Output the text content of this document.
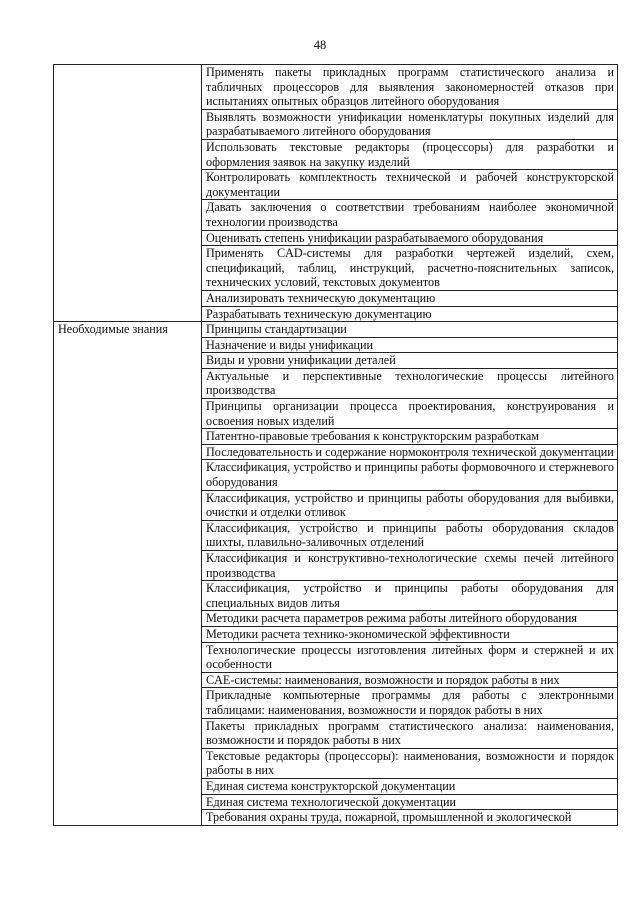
48
	Применять пакеты прикладных программ статистического анализа и табличных процессоров для выявления закономерностей отказов при испытаниях опытных образцов литейного оборудования
	Выявлять возможности унификации номенклатуры покупных изделий для разрабатываемого литейного оборудования
	Использовать текстовые редакторы (процессоры) для разработки и оформления заявок на закупку изделий
	Контролировать комплектность технической и рабочей конструкторской документации
	Давать заключения о соответствии требованиям наиболее экономичной технологии производства
	Оценивать степень унификации разрабатываемого оборудования
	Применять CAD-системы для разработки чертежей изделий, схем, спецификаций, таблиц, инструкций, расчетно-пояснительных записок, технических условий, текстовых документов
	Анализировать техническую документацию
	Разрабатывать техническую документацию
Необходимые знания	Принципы стандартизации
	Назначение и виды унификации
	Виды и уровни унификации деталей
	Актуальные и перспективные технологические процессы литейного производства
	Принципы организации процесса проектирования, конструирования и освоения новых изделий
	Патентно-правовые требования к конструкторским разработкам
	Последовательность и содержание нормоконтроля технической документации
	Классификация, устройство и принципы работы формовочного и стержневого оборудования
	Классификация, устройство и принципы работы оборудования для выбивки, очистки и отделки отливок
	Классификация, устройство и принципы работы оборудования складов шихты, плавильно-заливочных отделений
	Классификация и конструктивно-технологические схемы печей литейного производства
	Классификация, устройство и принципы работы оборудования для специальных видов литья
	Методики расчета параметров режима работы литейного оборудования
	Методики расчета технико-экономической эффективности
	Технологические процессы изготовления литейных форм и стержней и их особенности
	CAE-системы: наименования, возможности и порядок работы в них
	Прикладные компьютерные программы для работы с электронными таблицами: наименования, возможности и порядок работы в них
	Пакеты прикладных программ статистического анализа: наименования, возможности и порядок работы в них
	Текстовые редакторы (процессоры): наименования, возможности и порядок работы в них
	Единая система конструкторской документации
	Единая система технологической документации
	Требования охраны труда, пожарной, промышленной и экологической
